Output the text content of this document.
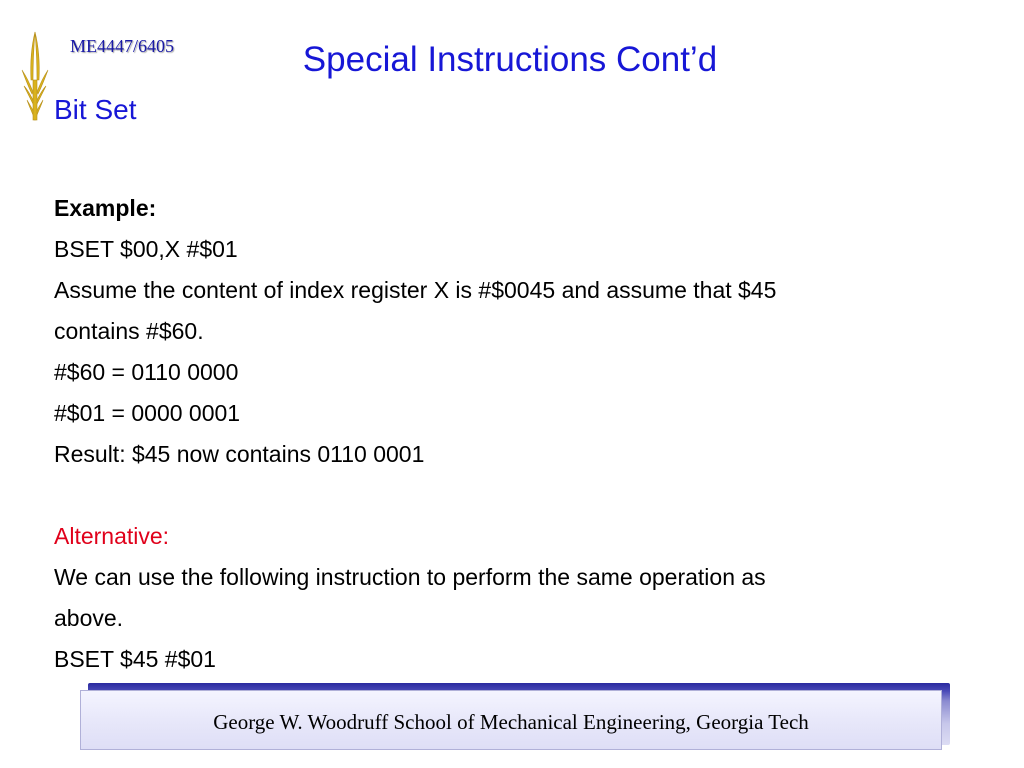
ME4447/6405	Special Instructions Cont’d
Bit Set
Example:
BSET $00,X #$01
Assume the content of index register X is #$0045 and assume that $45
contains #$60.
#$60 = 0110 0000
#$01 = 0000 0001
Result: $45 now contains 0110 0001
Alternative:
We can use the following instruction to perform the same operation as
above.
BSET $45 #$01
George W. Woodruff School of Mechanical Engineering, Georgia Tech
